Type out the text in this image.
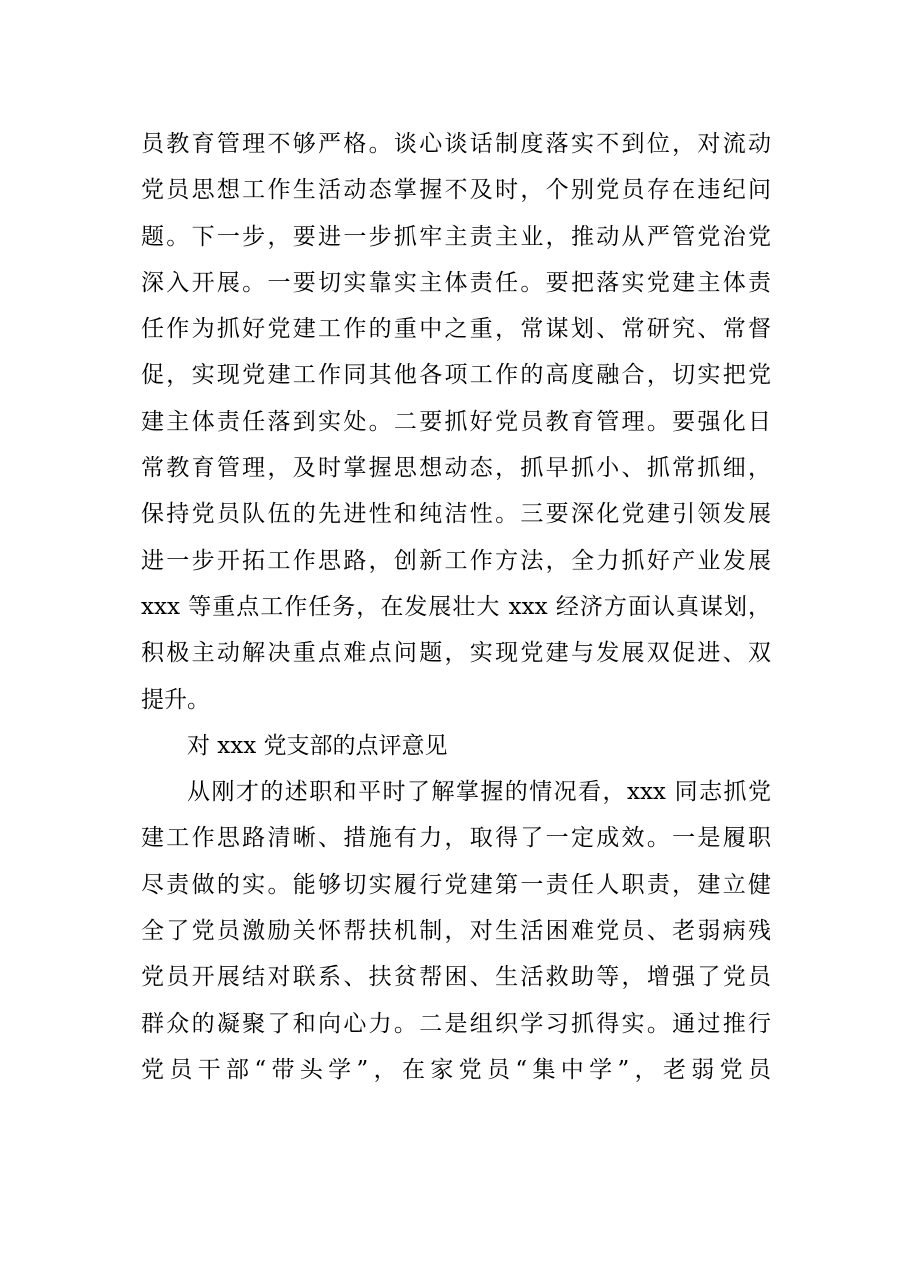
员教育管理不够严格。谈心谈话制度落实不到位，对流动
党员思想工作生活动态掌握不及时，个别党员存在违纪问
题。下一步，要进一步抓牢主责主业，推动从严管党治党
深入开展。一要切实靠实主体责任。要把落实党建主体责
任作为抓好党建工作的重中之重，常谋划、常研究、常督
促，实现党建工作同其他各项工作的高度融合，切实把党
建主体责任落到实处。二要抓好党员教育管理。要强化日
常教育管理，及时掌握思想动态，抓早抓小、抓常抓细，
保持党员队伍的先进性和纯洁性。三要深化党建引领发展
进一步开拓工作思路，创新工作方法，全力抓好产业发展
xxx 等重点工作任务，在发展壮大 xxx 经济方面认真谋划，
积极主动解决重点难点问题，实现党建与发展双促进、双
提升。
对 xxx 党支部的点评意见
从刚才的述职和平时了解掌握的情况看，xxx 同志抓党
建工作思路清晰、措施有力，取得了一定成效。一是履职
尽责做的实。能够切实履行党建第一责任人职责，建立健
全了党员激励关怀帮扶机制，对生活困难党员、老弱病残
党员开展结对联系、扶贫帮困、生活救助等，增强了党员
群众的凝聚了和向心力。二是组织学习抓得实。通过推行
党员干部“带头学”，在家党员“集中学”，老弱党员
